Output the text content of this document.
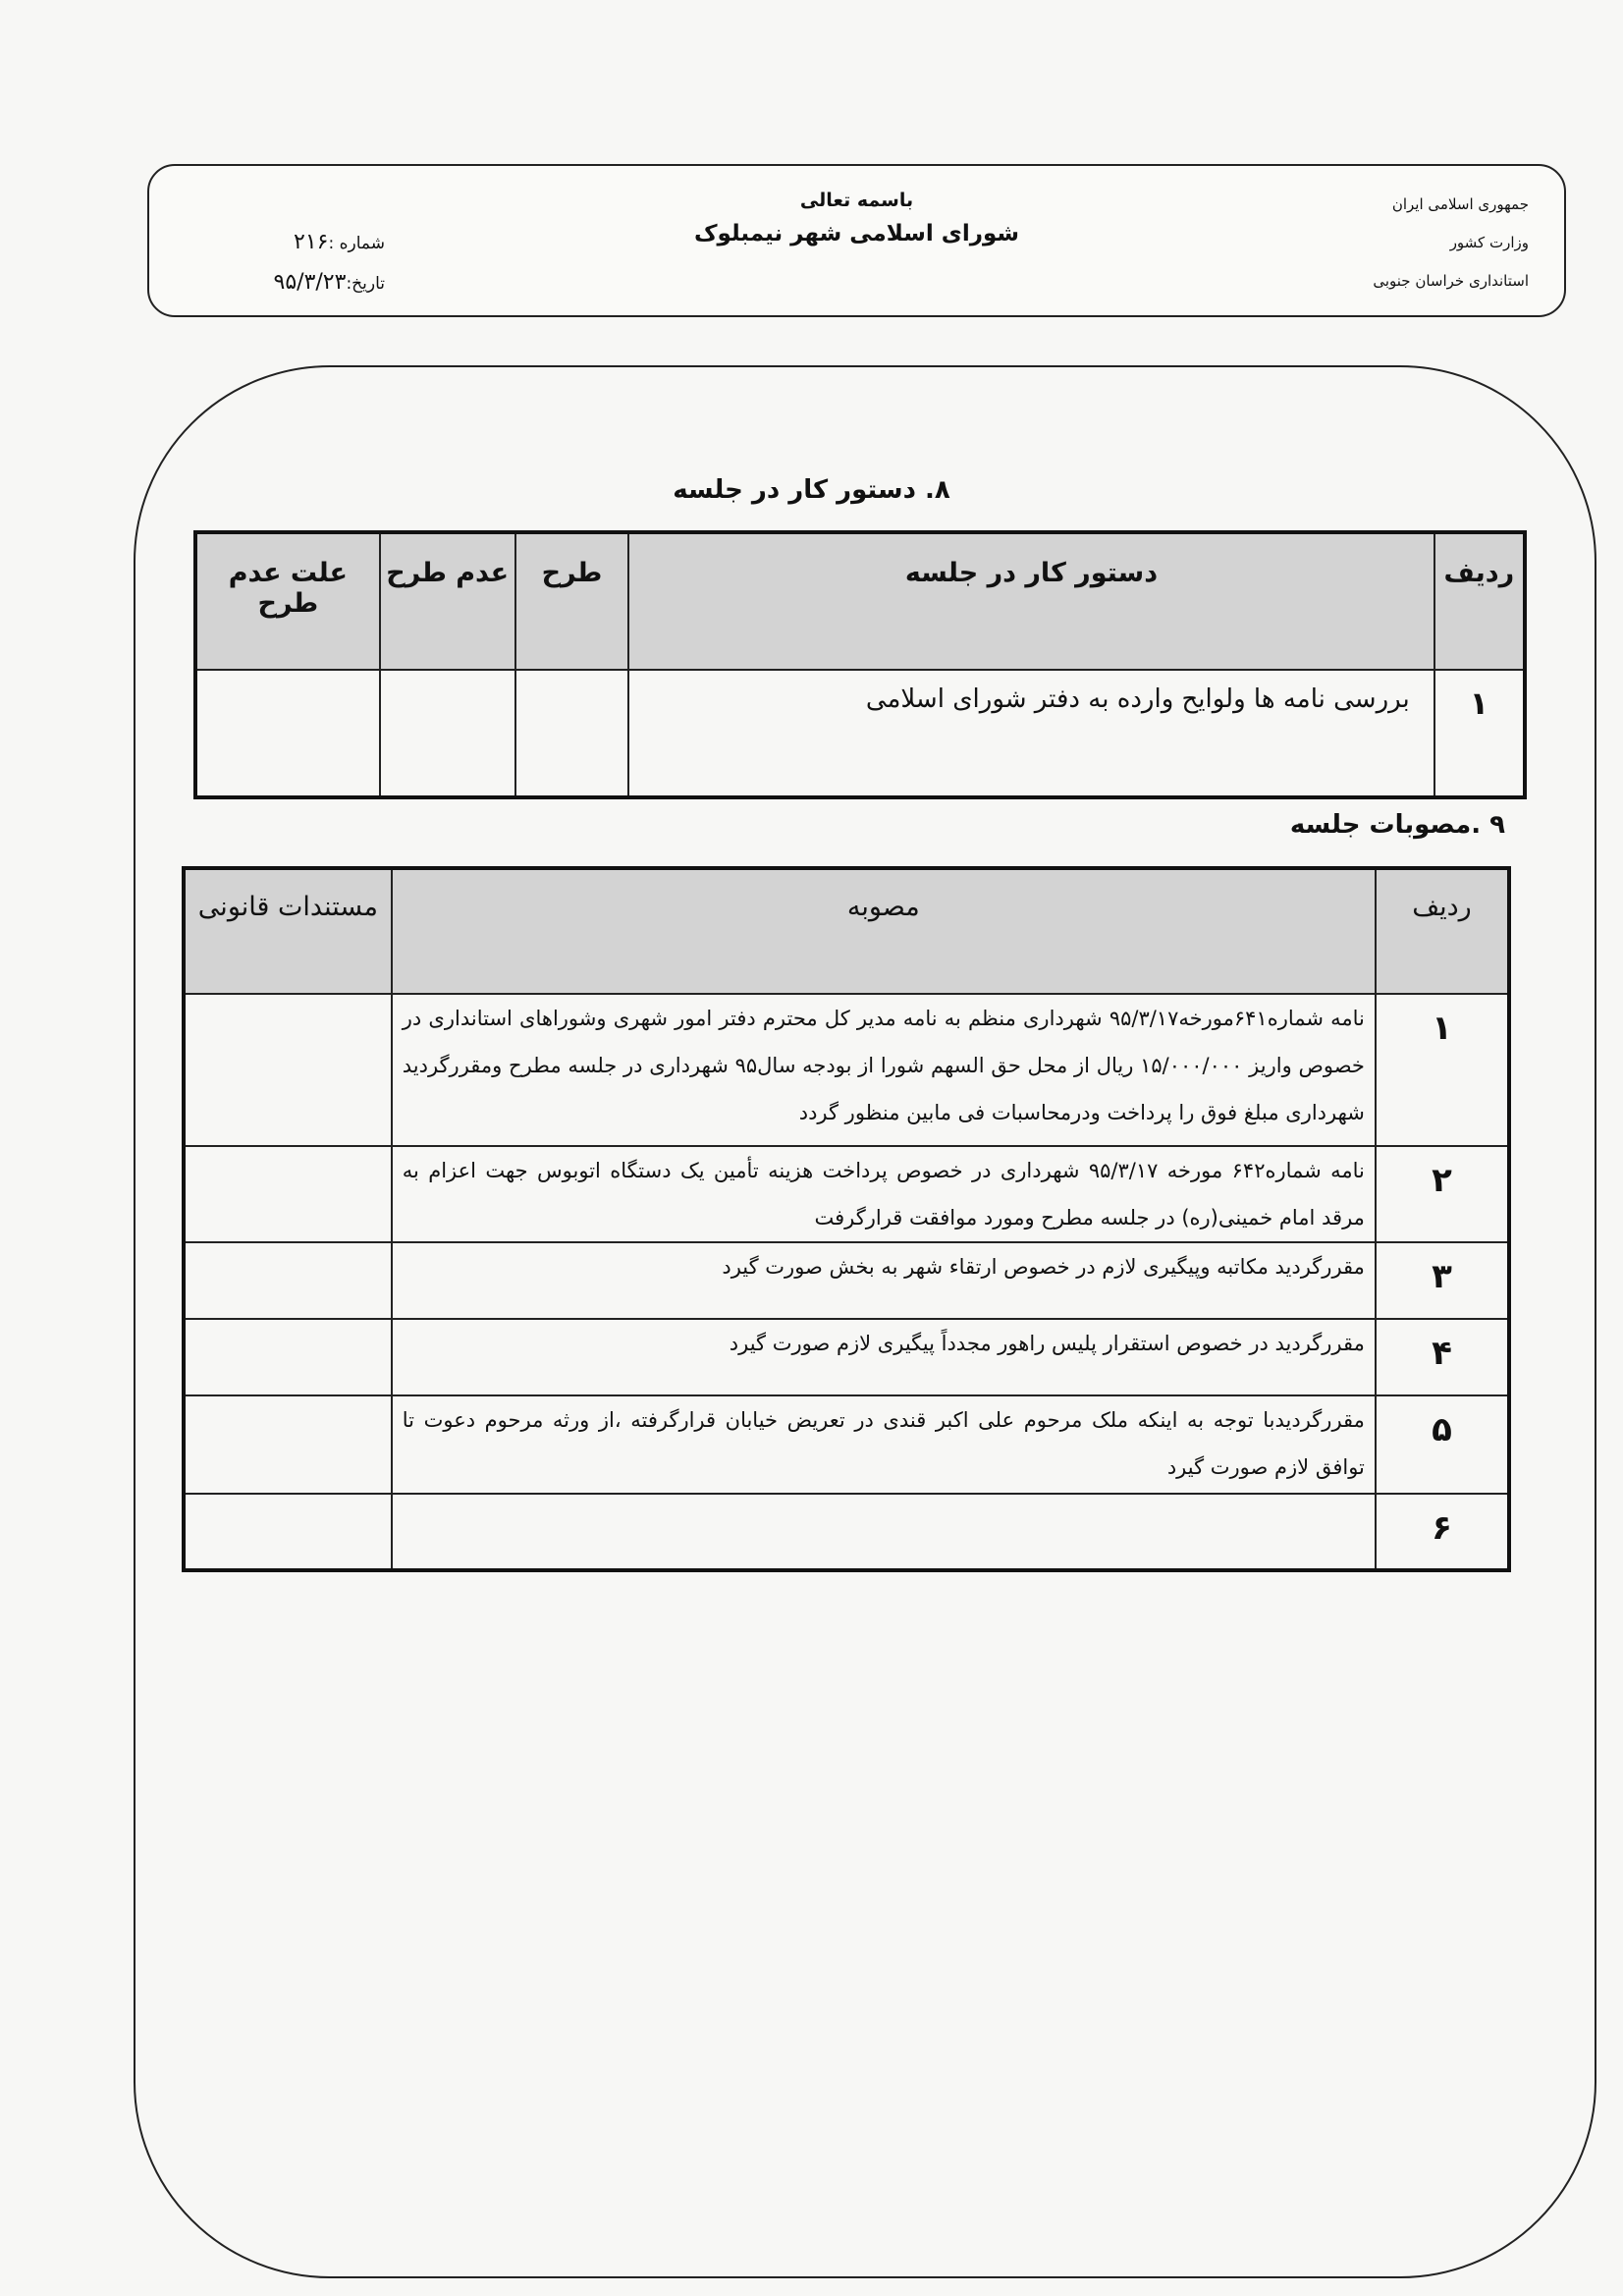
جمهوری اسلامی ایران
وزارت کشور
استانداری خراسان جنوبی
باسمه تعالی
شورای اسلامی شهر نیمبلوک
شماره :۲۱۶
تاریخ:۹۵/۳/۲۳
۸. دستور کار در جلسه
ردیف	دستور کار در جلسه	طرح	عدم طرح	علت عدم طرح
۱	بررسی نامه ها ولوایح وارده به دفتر شورای اسلامی			
۹ .مصوبات جلسه
ردیف	مصوبه	مستندات قانونی
۱	نامه شماره۶۴۱مورخه۹۵/۳/۱۷ شهرداری منظم به نامه مدیر کل محترم دفتر امور شهری وشوراهای استانداری در خصوص واریز ۱۵/۰۰۰/۰۰۰ ریال از محل حق السهم شورا از بودجه سال۹۵ شهرداری در جلسه مطرح ومقررگردید شهرداری مبلغ فوق را پرداخت ودرمحاسبات فی مابین منظور گردد	
۲	نامه شماره۶۴۲ مورخه ۹۵/۳/۱۷ شهرداری در خصوص پرداخت هزینه تأمین یک دستگاه اتوبوس جهت اعزام به مرقد امام خمینی(ره) در جلسه مطرح ومورد موافقت قرارگرفت	
۳	مقررگردید مکاتبه وپیگیری لازم در خصوص ارتقاء شهر به بخش صورت گیرد	
۴	مقررگردید در خصوص استقرار پلیس راهور مجدداً پیگیری لازم صورت گیرد	
۵	مقررگردیدبا توجه به اینکه ملک مرحوم علی اکبر قندی در تعریض خیابان قرارگرفته ،از ورثه مرحوم دعوت تا توافق لازم صورت گیرد	
۶		
